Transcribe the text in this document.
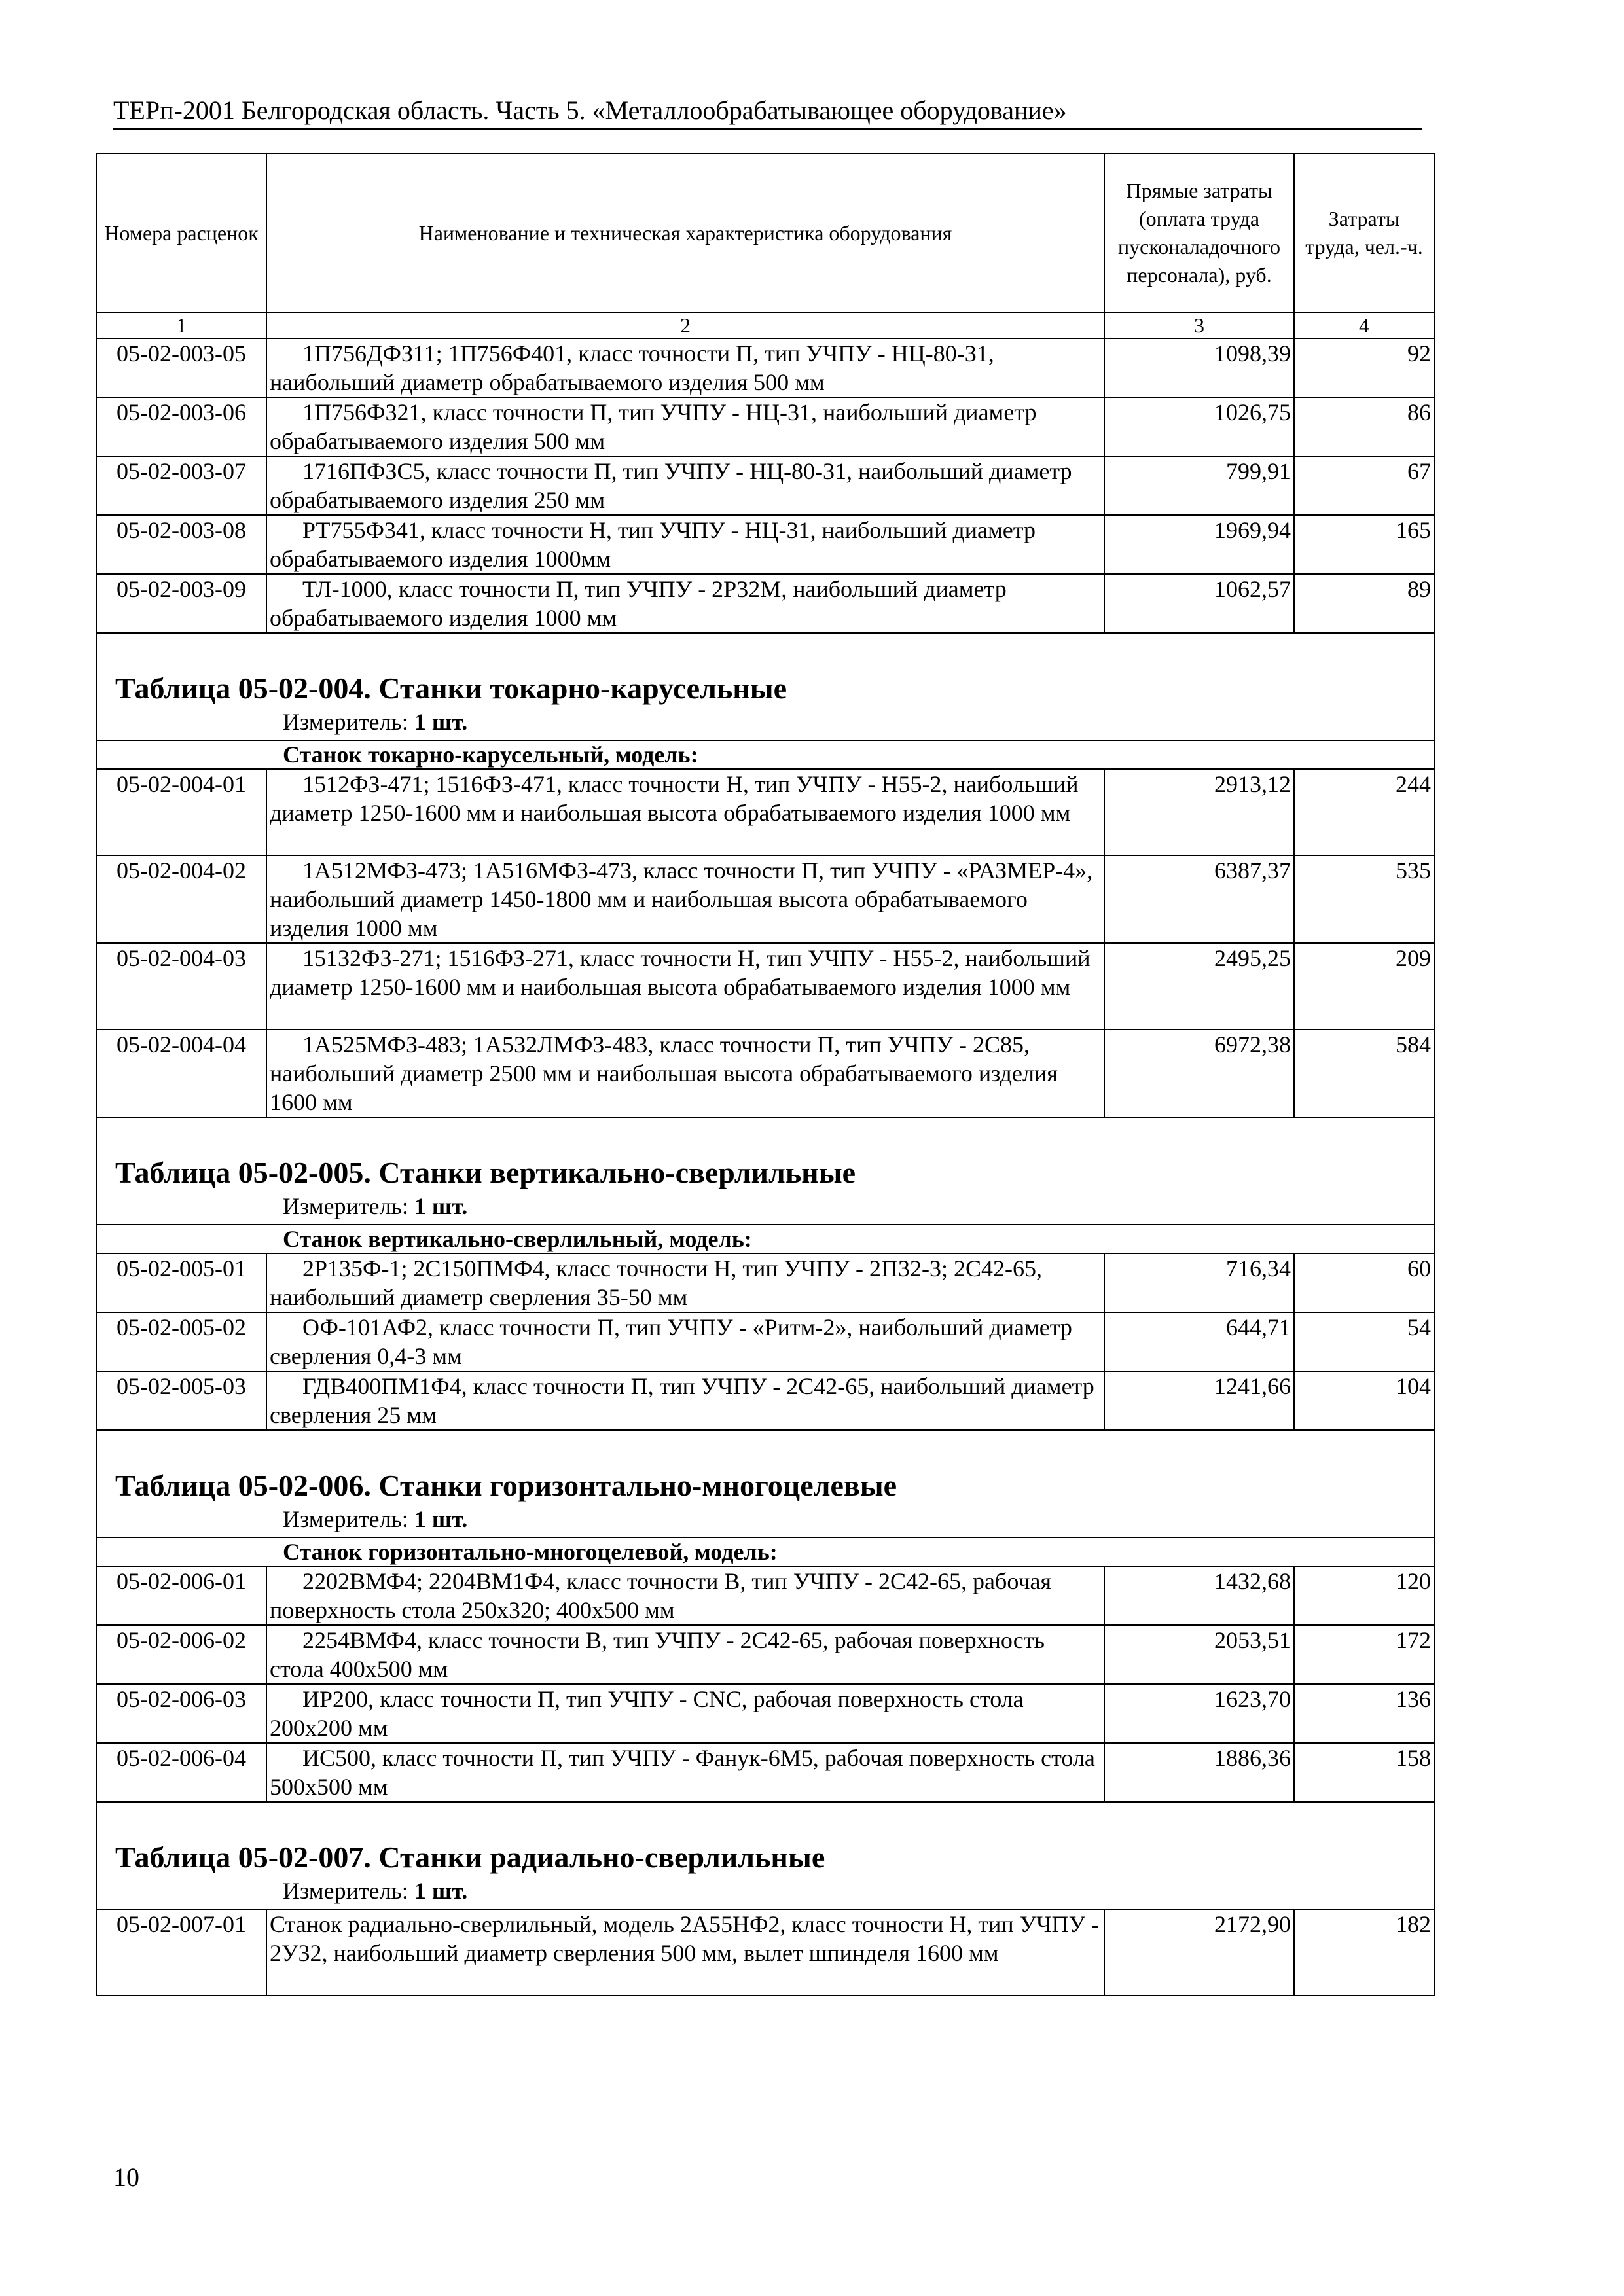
ТЕРп-2001 Белгородская область. Часть 5. «Металлообрабатывающее оборудование»
Номера расценок	Наименование и техническая характеристика оборудования	Прямые затраты (оплата труда пусконаладочного персонала), руб.	Затраты труда, чел.-ч.
1	2	3	4
05-02-003-05	1П756ДФЗ11; 1П756Ф401, класс точности П, тип УЧПУ - НЦ-80-31, наибольший диаметр обрабатываемого изделия 500 мм	1098,39	92
05-02-003-06	1П756Ф321, класс точности П, тип УЧПУ - НЦ-31, наибольший диаметр обрабатываемого изделия 500 мм	1026,75	86
05-02-003-07	1716ПФЗС5, класс точности П, тип УЧПУ - НЦ-80-31, наибольший диаметр обрабатываемого изделия 250 мм	799,91	67
05-02-003-08	РТ755Ф341, класс точности Н, тип УЧПУ - НЦ-31, наибольший диаметр обрабатываемого изделия 1000мм	1969,94	165
05-02-003-09	ТЛ-1000, класс точности П, тип УЧПУ - 2Р32М, наибольший диаметр обрабатываемого изделия 1000 мм	1062,57	89
Таблица 05-02-004. Станки токарно-карусельные			
Измеритель: 1 шт.			
Станок токарно-карусельный, модель:			
05-02-004-01	1512ФЗ-471; 1516ФЗ-471, класс точности Н, тип УЧПУ - Н55-2, наибольший диаметр 1250-1600 мм и наибольшая высота обрабатываемого изделия 1000 мм	2913,12	244
05-02-004-02	1А512МФЗ-473; 1А516МФЗ-473, класс точности П, тип УЧПУ - «РАЗМЕР-4», наибольший диаметр 1450-1800 мм и наибольшая высота обрабатываемого изделия 1000 мм	6387,37	535
05-02-004-03	15132ФЗ-271; 1516ФЗ-271, класс точности Н, тип УЧПУ - Н55-2, наибольший диаметр 1250-1600 мм и наибольшая высота обрабатываемого изделия 1000 мм	2495,25	209
05-02-004-04	1А525МФЗ-483; 1А532ЛМФЗ-483, класс точности П, тип УЧПУ - 2С85, наибольший диаметр 2500 мм и наибольшая высота обрабатываемого изделия 1600 мм	6972,38	584
Таблица 05-02-005. Станки вертикально-сверлильные			
Измеритель: 1 шт.			
Станок вертикально-сверлильный, модель:			
05-02-005-01	2Р135Ф-1; 2С150ПМФ4, класс точности Н, тип УЧПУ - 2П32-3; 2С42-65, наибольший диаметр сверления 35-50 мм	716,34	60
05-02-005-02	ОФ-101АФ2, класс точности П, тип УЧПУ - «Ритм-2», наибольший диаметр сверления 0,4-3 мм	644,71	54
05-02-005-03	ГДВ400ПМ1Ф4, класс точности П, тип УЧПУ - 2С42-65, наибольший диаметр сверления 25 мм	1241,66	104
Таблица 05-02-006. Станки горизонтально-многоцелевые			
Измеритель: 1 шт.			
Станок горизонтально-многоцелевой, модель:			
05-02-006-01	2202ВМФ4; 2204ВМ1Ф4, класс точности В, тип УЧПУ - 2С42-65, рабочая поверхность стола 250х320; 400х500 мм	1432,68	120
05-02-006-02	2254ВМФ4, класс точности В, тип УЧПУ - 2С42-65, рабочая поверхность стола 400х500 мм	2053,51	172
05-02-006-03	ИР200, класс точности П, тип УЧПУ - CNC, рабочая поверхность стола 200х200 мм	1623,70	136
05-02-006-04	ИС500, класс точности П, тип УЧПУ - Фанук-6М5, рабочая поверхность стола 500х500 мм	1886,36	158
Таблица 05-02-007. Станки радиально-сверлильные			
Измеритель: 1 шт.			
05-02-007-01	Станок радиально-сверлильный, модель 2А55НФ2, класс точности Н, тип УЧПУ - 2У32, наибольший диаметр сверления 500 мм, вылет шпинделя 1600 мм	2172,90	182
10
